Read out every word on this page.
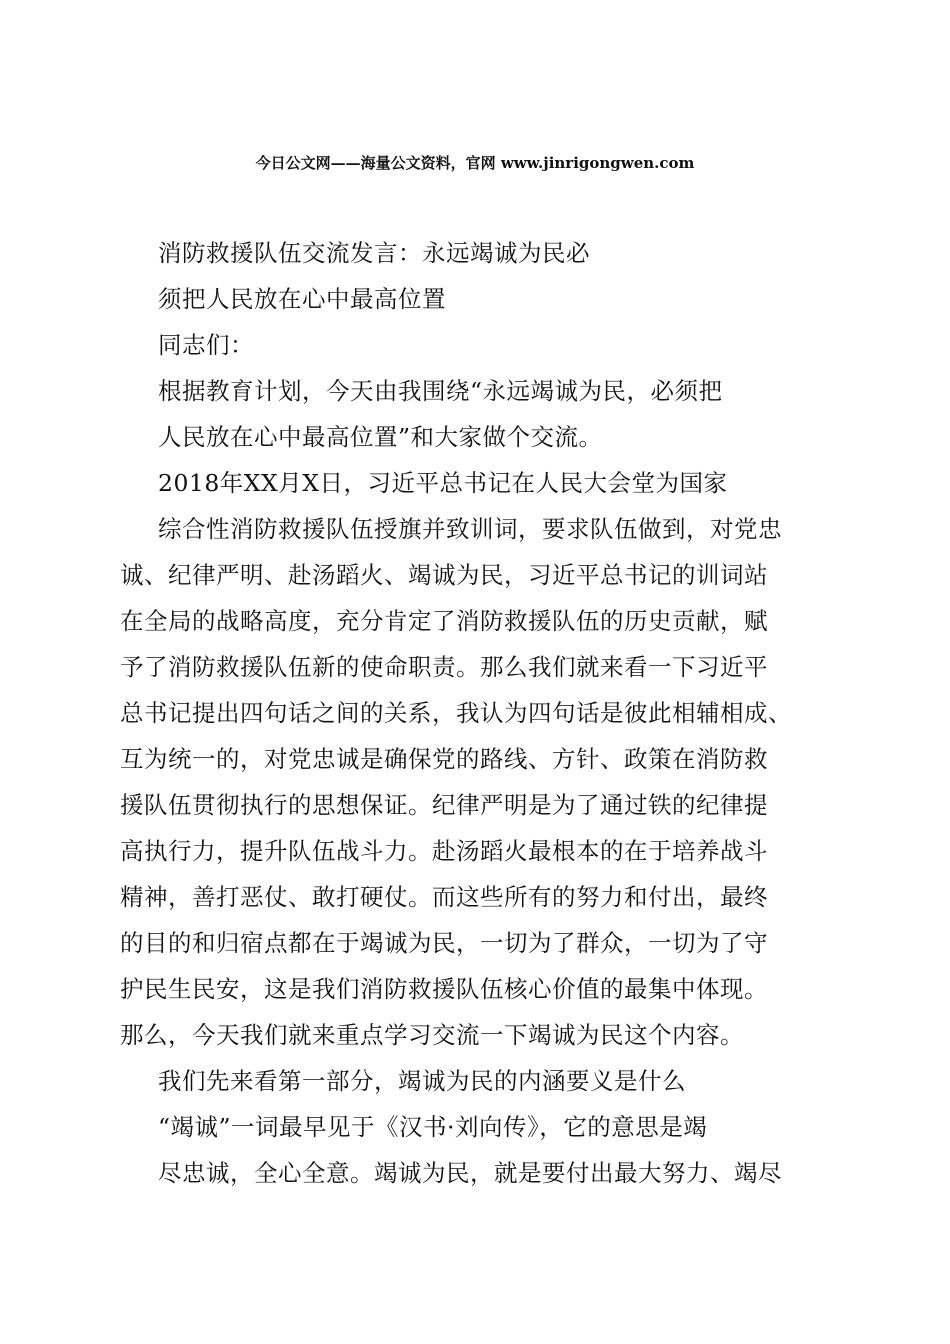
今日公文网——海量公文资料，官网 www.jinrigongwen.com
消防救援队伍交流发言：永远竭诚为民必
须把人民放在心中最高位置
同志们：
根据教育计划，今天由我围绕“永远竭诚为民，必须把
人民放在心中最高位置”和大家做个交流。
2018年XX月X日，习近平总书记在人民大会堂为国家
综合性消防救援队伍授旗并致训词，要求队伍做到，对党忠
诚、纪律严明、赴汤蹈火、竭诚为民，习近平总书记的训词站
在全局的战略高度，充分肯定了消防救援队伍的历史贡献，赋
予了消防救援队伍新的使命职责。那么我们就来看一下习近平
总书记提出四句话之间的关系，我认为四句话是彼此相辅相成、
互为统一的，对党忠诚是确保党的路线、方针、政策在消防救
援队伍贯彻执行的思想保证。纪律严明是为了通过铁的纪律提
高执行力，提升队伍战斗力。赴汤蹈火最根本的在于培养战斗
精神，善打恶仗、敢打硬仗。而这些所有的努力和付出，最终
的目的和归宿点都在于竭诚为民，一切为了群众，一切为了守
护民生民安，这是我们消防救援队伍核心价值的最集中体现。
那么，今天我们就来重点学习交流一下竭诚为民这个内容。
我们先来看第一部分，竭诚为民的内涵要义是什么
“竭诚”一词最早见于《汉书·刘向传》，它的意思是竭
尽忠诚，全心全意。竭诚为民，就是要付出最大努力、竭尽
